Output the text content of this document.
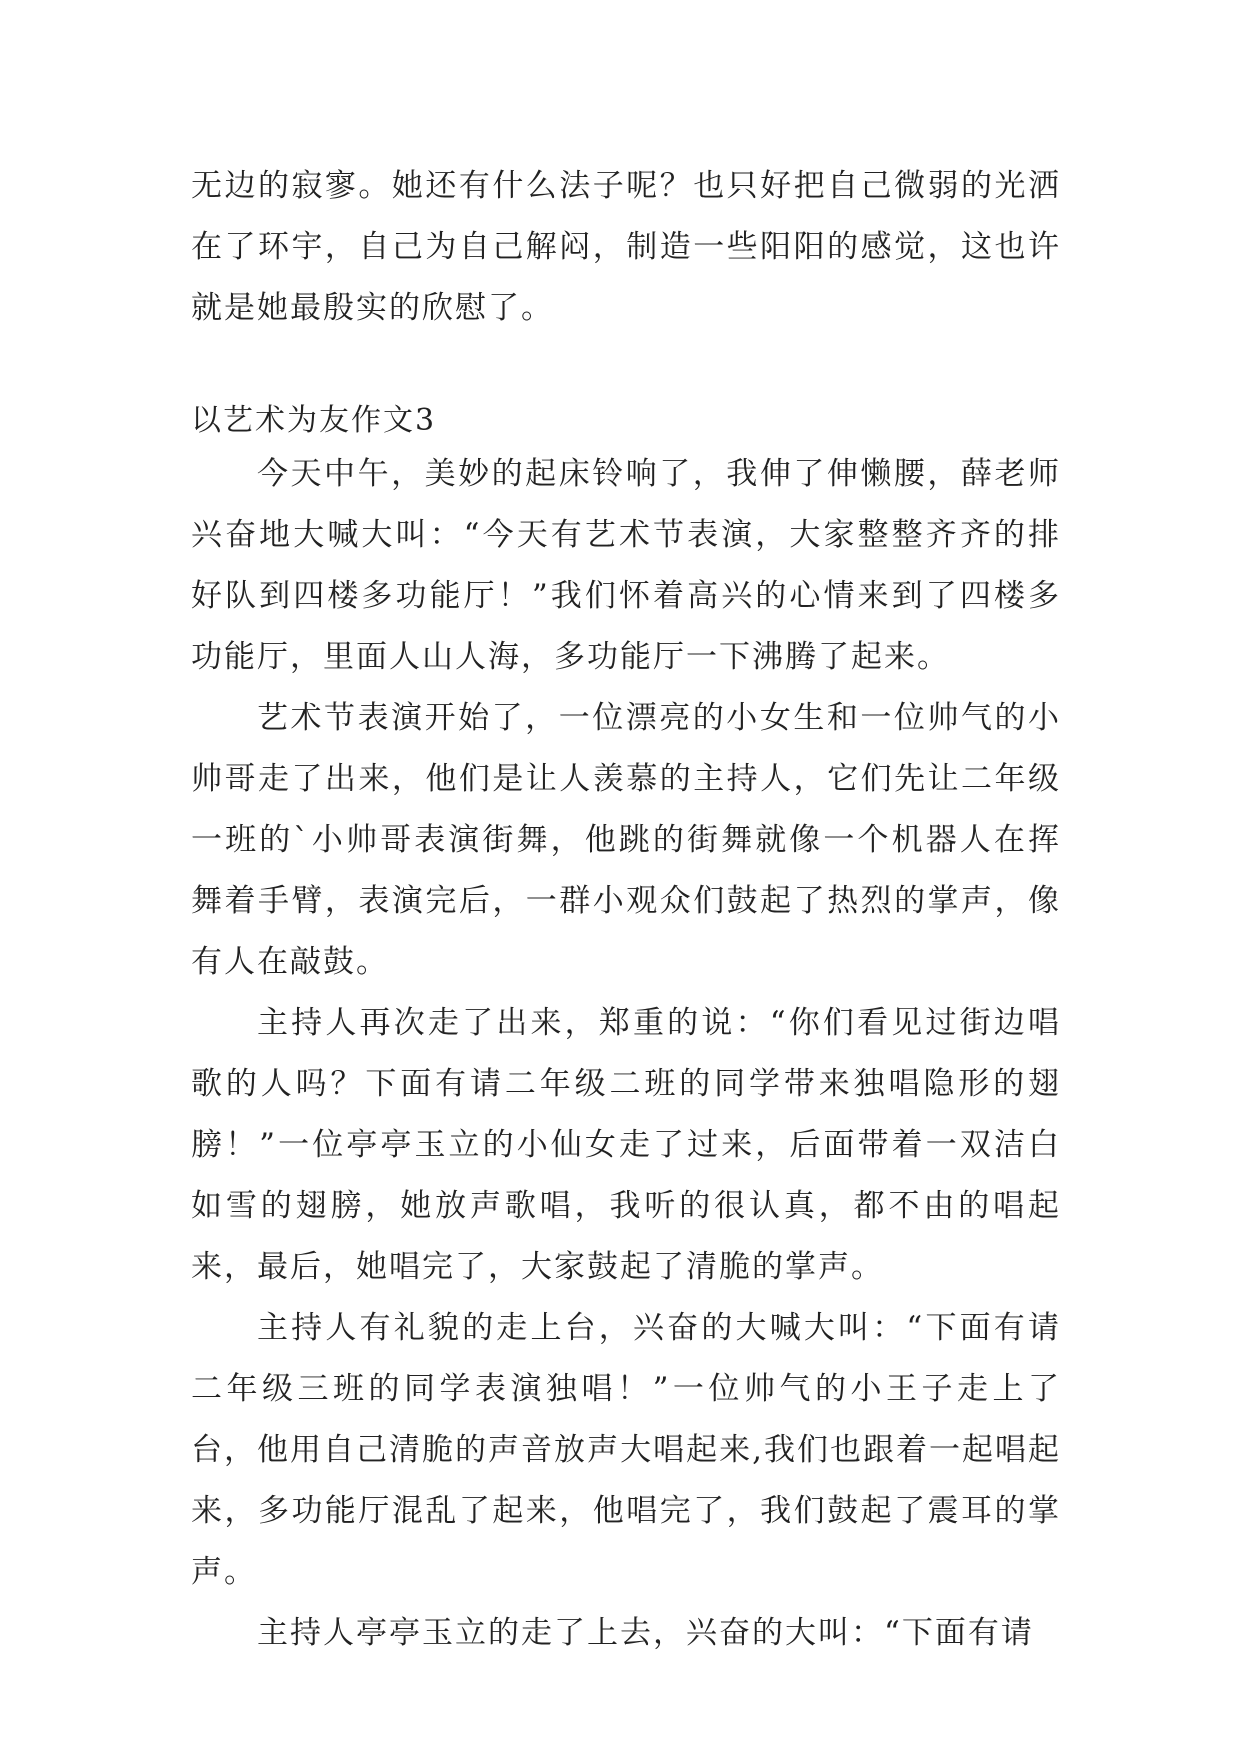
无边的寂寥。她还有什么法子呢？也只好把自己微弱的光洒在了环宇，自己为自己解闷，制造一些阳阳的感觉，这也许就是她最殷实的欣慰了。

以艺术为友作文3

今天中午，美妙的起床铃响了，我伸了伸懒腰，薛老师兴奋地大喊大叫：“今天有艺术节表演，大家整整齐齐的排好队到四楼多功能厅！”我们怀着高兴的心情来到了四楼多功能厅，里面人山人海，多功能厅一下沸腾了起来。

艺术节表演开始了，一位漂亮的小女生和一位帅气的小帅哥走了出来，他们是让人羡慕的主持人，它们先让二年级一班的`小帅哥表演街舞，他跳的街舞就像一个机器人在挥舞着手臂，表演完后，一群小观众们鼓起了热烈的掌声，像有人在敲鼓。

主持人再次走了出来，郑重的说：“你们看见过街边唱歌的人吗？下面有请二年级二班的同学带来独唱隐形的翅膀！”一位亭亭玉立的小仙女走了过来，后面带着一双洁白如雪的翅膀，她放声歌唱，我听的很认真，都不由的唱起来，最后，她唱完了，大家鼓起了清脆的掌声。

主持人有礼貌的走上台，兴奋的大喊大叫：“下面有请二年级三班的同学表演独唱！”一位帅气的小王子走上了台，他用自己清脆的声音放声大唱起来,我们也跟着一起唱起来，多功能厅混乱了起来，他唱完了，我们鼓起了震耳的掌声。

主持人亭亭玉立的走了上去，兴奋的大叫：“下面有请
